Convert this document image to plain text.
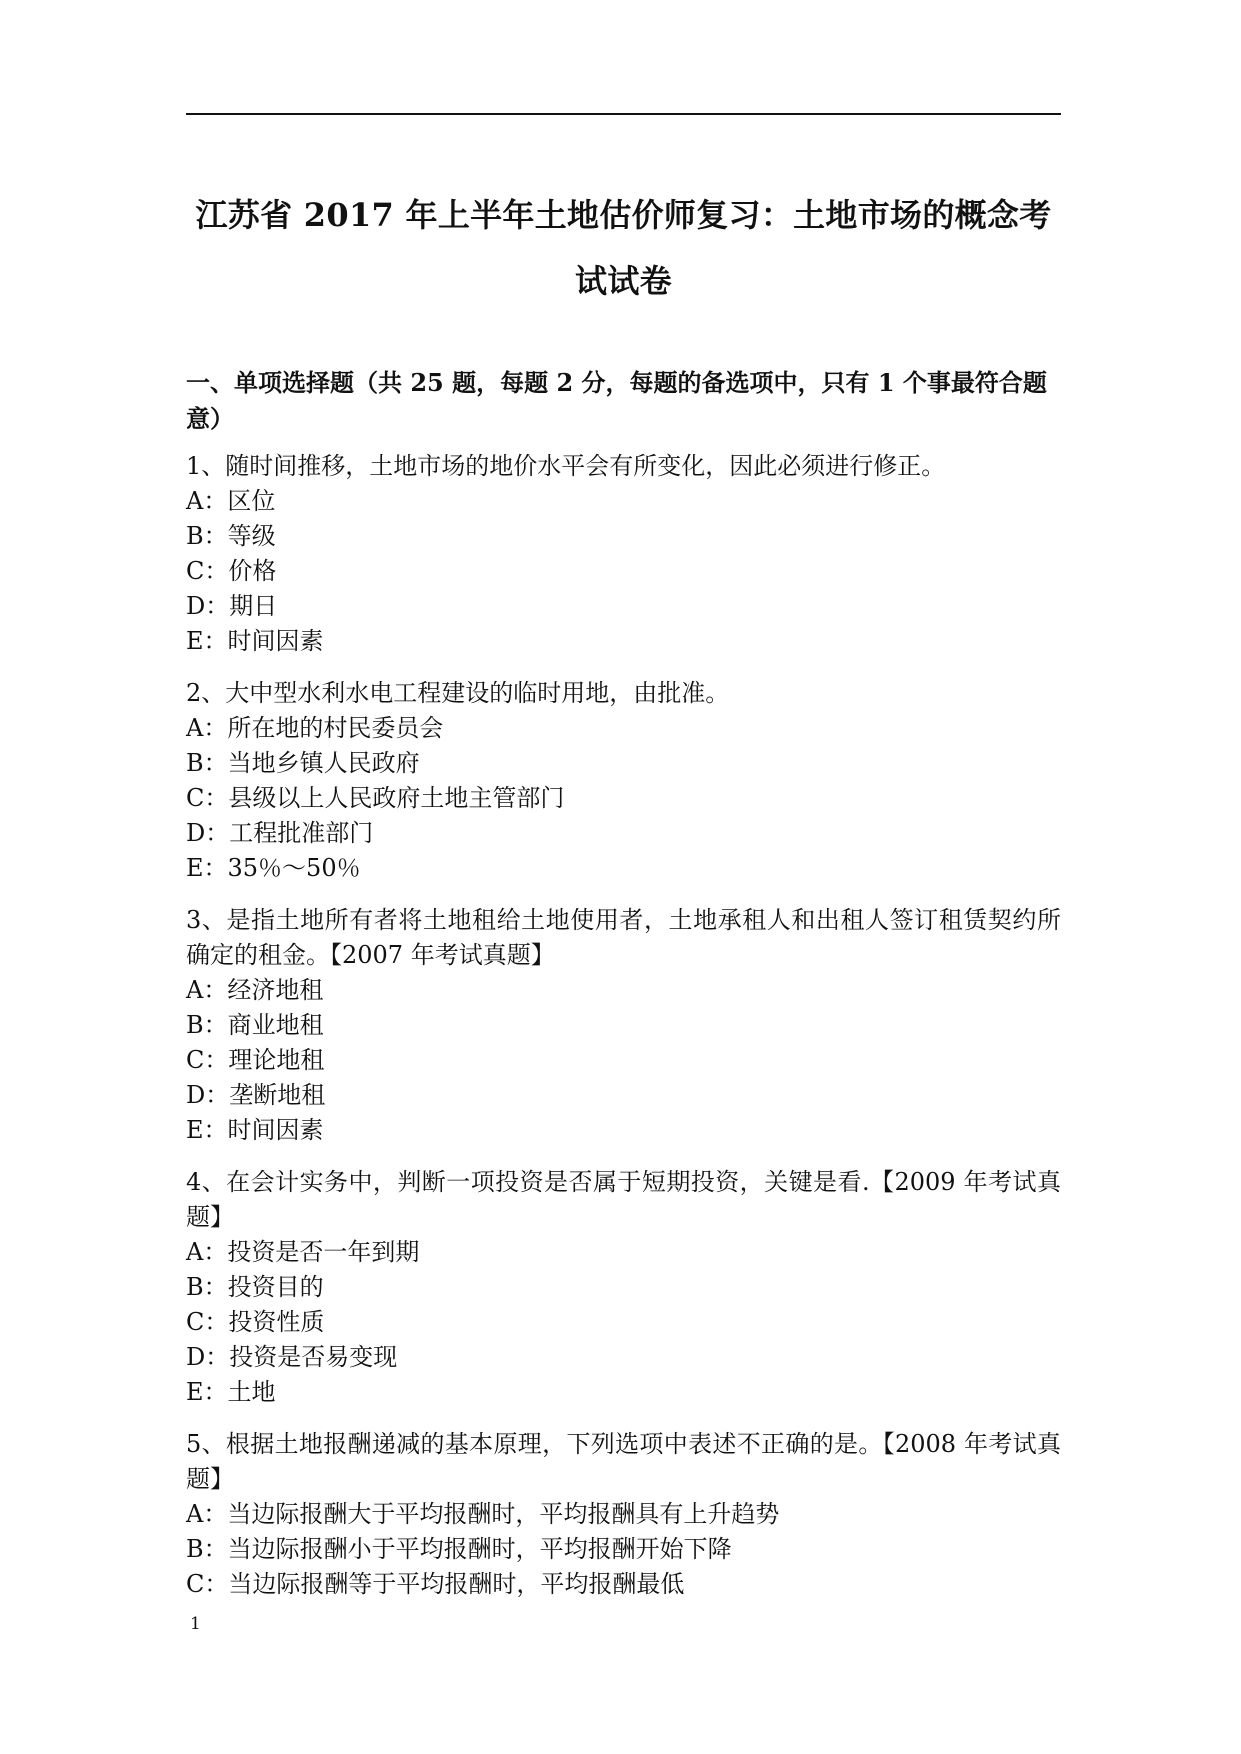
江苏省 2017 年上半年土地估价师复习：土地市场的概念考试试卷
一、单项选择题（共 25 题，每题 2 分，每题的备选项中，只有 1 个事最符合题意）

1、随时间推移，土地市场的地价水平会有所变化，因此必须进行修正。

A：区位

B：等级

C：价格

D：期日

E：时间因素

2、大中型水利水电工程建设的临时用地，由批准。

A：所在地的村民委员会

B：当地乡镇人民政府

C：县级以上人民政府土地主管部门

D：工程批准部门

E：35％～50％

3、是指土地所有者将土地租给土地使用者，土地承租人和出租人签订租赁契约所确定的租金。【2007 年考试真题】

A：经济地租

B：商业地租

C：理论地租

D：垄断地租

E：时间因素

4、在会计实务中，判断一项投资是否属于短期投资，关键是看.【2009 年考试真题】

A：投资是否一年到期

B：投资目的

C：投资性质

D：投资是否易变现

E：土地

5、根据土地报酬递减的基本原理，下列选项中表述不正确的是。【2008 年考试真题】

A：当边际报酬大于平均报酬时，平均报酬具有上升趋势

B：当边际报酬小于平均报酬时，平均报酬开始下降

C：当边际报酬等于平均报酬时，平均报酬最低

1
